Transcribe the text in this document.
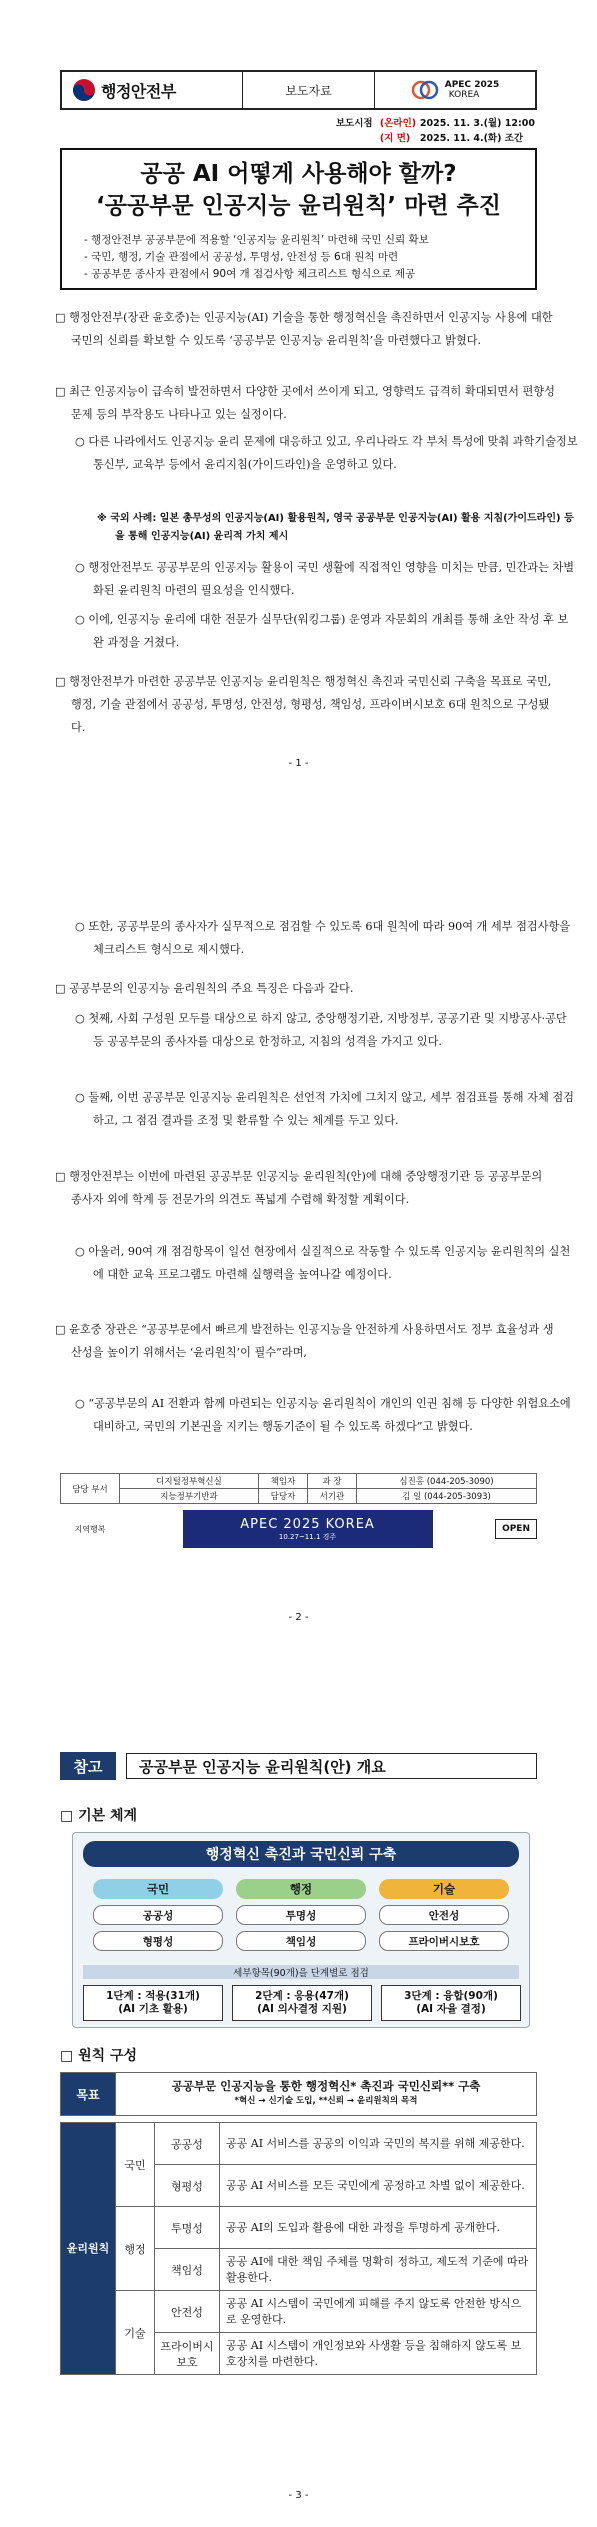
행정안전부	보도자료	APEC 2025
KOREA
보도시점 (온라인) 2025. 11. 3.(월) 12:00
(지 면)	2025. 11. 4.(화) 조간
공공 AI 어떻게 사용해야 할까?
‘공공부문 인공지능 윤리원칙’ 마련 추진
- 행정안전부 공공부문에 적용할 ‘인공지능 윤리원칙’ 마련해 국민 신뢰 확보
- 국민, 행정, 기술 관점에서 공공성, 투명성, 안전성 등 6대 원칙 마련
- 공공부문 종사자 관점에서 90여 개 점검사항 체크리스트 형식으로 제공
□ 행정안전부(장관 윤호중)는 인공지능(AI) 기술을 통한 행정혁신을 촉진하면서 인공지능 사용에 대한 국민의 신뢰를 확보할 수 있도록 ‘공공부문 인공지능 윤리원칙’을 마련했다고 밝혔다.
□ 최근 인공지능이 급속히 발전하면서 다양한 곳에서 쓰이게 되고, 영향력도 급격히 확대되면서 편향성 문제 등의 부작용도 나타나고 있는 실정이다.
○ 다른 나라에서도 인공지능 윤리 문제에 대응하고 있고, 우리나라도 각 부처 특성에 맞춰 과학기술정보통신부, 교육부 등에서 윤리지침(가이드라인)을 운영하고 있다.
※ 국외 사례: 일본 총무성의 인공지능(AI) 활용원칙, 영국 공공부문 인공지능(AI) 활용 지침(가이드라인) 등을 통해 인공지능(AI) 윤리적 가치 제시
○ 행정안전부도 공공부문의 인공지능 활용이 국민 생활에 직접적인 영향을 미치는 만큼, 민간과는 차별화된 윤리원칙 마련의 필요성을 인식했다.
○ 이에, 인공지능 윤리에 대한 전문가 실무단(워킹그룹) 운영과 자문회의 개최를 통해 초안 작성 후 보완 과정을 거쳤다.
□ 행정안전부가 마련한 공공부문 인공지능 윤리원칙은 행정혁신 촉진과 국민신뢰 구축을 목표로 국민, 행정, 기술 관점에서 공공성, 투명성, 안전성, 형평성, 책임성, 프라이버시보호 6대 원칙으로 구성됐다.
- 1 -
○ 또한, 공공부문의 종사자가 실무적으로 점검할 수 있도록 6대 원칙에 따라 90여 개 세부 점검사항을 체크리스트 형식으로 제시했다.
□ 공공부문의 인공지능 윤리원칙의 주요 특징은 다음과 같다.
○ 첫째, 사회 구성원 모두를 대상으로 하지 않고, 중앙행정기관, 지방정부, 공공기관 및 지방공사·공단 등 공공부문의 종사자를 대상으로 한정하고, 지침의 성격을 가지고 있다.
○ 둘째, 이번 공공부문 인공지능 윤리원칙은 선언적 가치에 그치지 않고, 세부 점검표를 통해 자체 점검하고, 그 점검 결과를 조정 및 환류할 수 있는 체계를 두고 있다.
□ 행정안전부는 이번에 마련된 공공부문 인공지능 윤리원칙(안)에 대해 중앙행정기관 등 공공부문의 종사자 외에 학계 등 전문가의 의견도 폭넓게 수렴해 확정할 계획이다.
○ 아울러, 90여 개 점검항목이 일선 현장에서 실질적으로 작동할 수 있도록 인공지능 윤리원칙의 실천에 대한 교육 프로그램도 마련해 실행력을 높여나갈 예정이다.
□ 윤호중 장관은 “공공부문에서 빠르게 발전하는 인공지능을 안전하게 사용하면서도 정부 효율성과 생산성을 높이기 위해서는 ‘윤리원칙’이 필수”라며,
○ “공공부문의 AI 전환과 함께 마련되는 인공지능 윤리원칙이 개인의 인권 침해 등 다양한 위험요소에 대비하고, 국민의 기본권을 지키는 행동기준이 될 수 있도록 하겠다”고 밝혔다.
담당 부서	디지털정부혁신실	책임자	과 장	심진홍 (044-205-3090)
	지능정부기반과	담당자	서기관	김 일 (044-205-3093)
지역행복	APEC 2025 KOREA
10.27~11.1 경주
OPEN
- 2 -
참고	공공부문 인공지능 윤리원칙(안) 개요
□ 기본 체계
행정혁신 촉진과 국민신뢰 구축
국민
공공성
형평성
행정
투명성
책임성
기술
안전성
프라이버시보호
세부항목(90개)을 단계별로 점검
1단계 : 적용(31개)
(AI 기초 활용)
2단계 : 응용(47개)
(AI 의사결정 지원)
3단계 : 융합(90개)
(AI 자율 결정)
□ 원칙 구성
목표	
공공부문 인공지능을 통한 행정혁신* 촉진과 국민신뢰** 구축
*혁신 → 신기술 도입, **신뢰 → 윤리원칙의 목적
윤리원칙	국민	공공성	공공 AI 서비스를 공공의 이익과 국민의 복지를 위해 제공한다.
		형평성	공공 AI 서비스를 모든 국민에게 공정하고 차별 없이 제공한다.
	행정	투명성	공공 AI의 도입과 활용에 대한 과정을 투명하게 공개한다.
		책임성	공공 AI에 대한 책임 주체를 명확히 정하고, 제도적 기준에 따라 활용한다.
	기술	안전성	공공 AI 시스템이 국민에게 피해를 주지 않도록 안전한 방식으로 운영한다.
		프라이버시보호	공공 AI 시스템이 개인정보와 사생활 등을 침해하지 않도록 보호장치를 마련한다.
- 3 -
